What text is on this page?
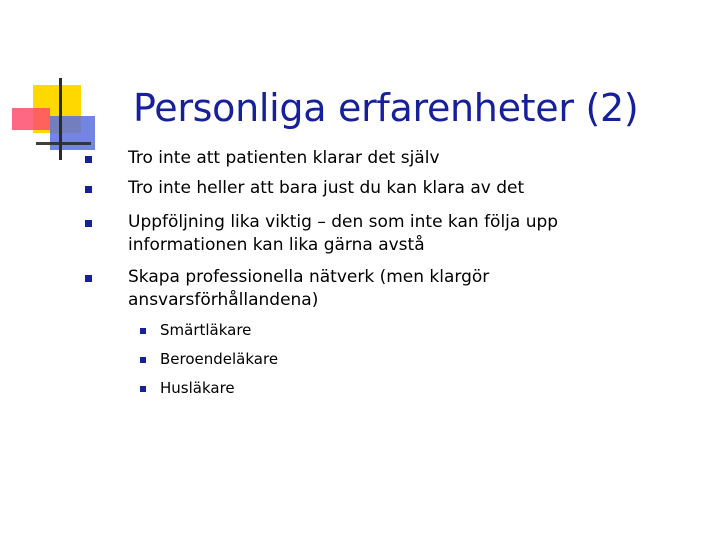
Personliga erfarenheter (2)
Tro inte att patienten klarar det själv
Tro inte heller att bara just du kan klara av det
Uppföljning lika viktig – den som inte kan följa upp informationen kan lika gärna avstå
Skapa professionella nätverk (men klargör ansvarsförhållandena)
Smärtläkare
Beroendeläkare
Husläkare
